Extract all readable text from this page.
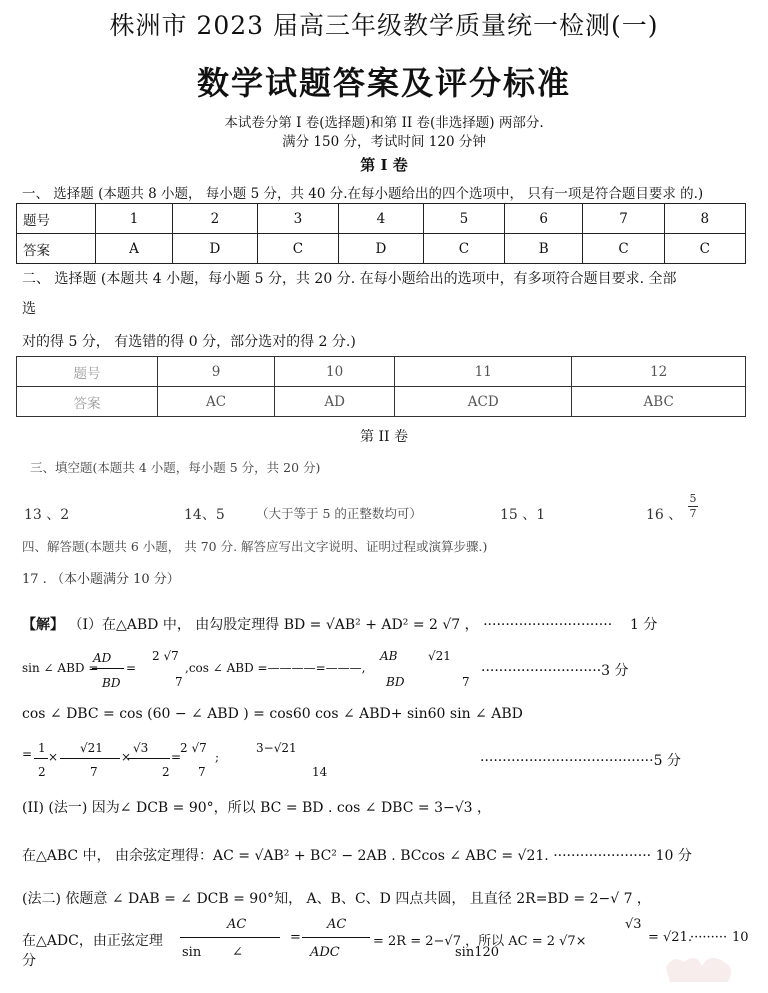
株洲市 2023 届高三年级教学质量统一检测(一)
数学试题答案及评分标准
本试卷分第 I 卷(选择题)和第 II 卷(非选择题) 两部分.
满分 150 分，考试时间 120 分钟
第 I 卷
一、 选择题 (本题共 8 小题， 每小题 5 分，共 40 分.在每小题给出的四个选项中， 只有一项是符合题目要求 的.)
题号	1	2	3	4	5	6	7	8
答案	A	D	C	D	C	B	C	C
二、 选择题 (本题共 4 小题，每小题 5 分，共 20 分. 在每小题给出的选项中，有多项符合题目要求. 全部
选
对的得 5 分， 有选错的得 0 分，部分选对的得 2 分.)
题号	9	10	11	12
答案	AC	AD	ACD	ABC
第 II 卷
三、填空题(本题共 4 小题，每小题 5 分，共 20 分)
13 、2	14、5	（大于等于 5 的正整数均可）	15 、1	16 、
5
7
四、解答题(本题共 6 小题， 共 70 分. 解答应写出文字说明、证明过程或演算步骤.)
17 . （本小题满分 10 分）
【解】 （I）在△ABD 中， 由勾股定理得 BD = √AB² + AD² = 2 √7 ， ····························· 1 分
sin ∠ ABD =
AD
BD
=
2 √7
7
,cos ∠ ABD =————=———,
AB
BD
√21
7
···························3 分
cos ∠ DBC = cos (60 − ∠ ABD ) = cos60 cos ∠ ABD+ sin60 sin ∠ ABD
= 1
2
×
√21
7
×
√3
2
=
2 √7
7
;
3−√21
14
·······································5 分
(II) (法一) 因为∠ DCB = 90°，所以 BC = BD . cos ∠ DBC = 3−√3 ，
在△ABC 中， 由余弦定理得：AC = √AB² + BC² − 2AB . BCcos ∠ ABC = √21. ······················ 10 分
(法二) 依题意 ∠ DAB = ∠ DCB = 90°知， A、B、C、D 四点共圆， 且直径 2R=BD = 2−√ 7 ，
在△ADC，由正弦定理
分
AC
sin ∠
=
AC
ADC
= 2R = 2−√7 ，所以 AC = 2 √7×
√3
sin120
= √21.
········· 10
